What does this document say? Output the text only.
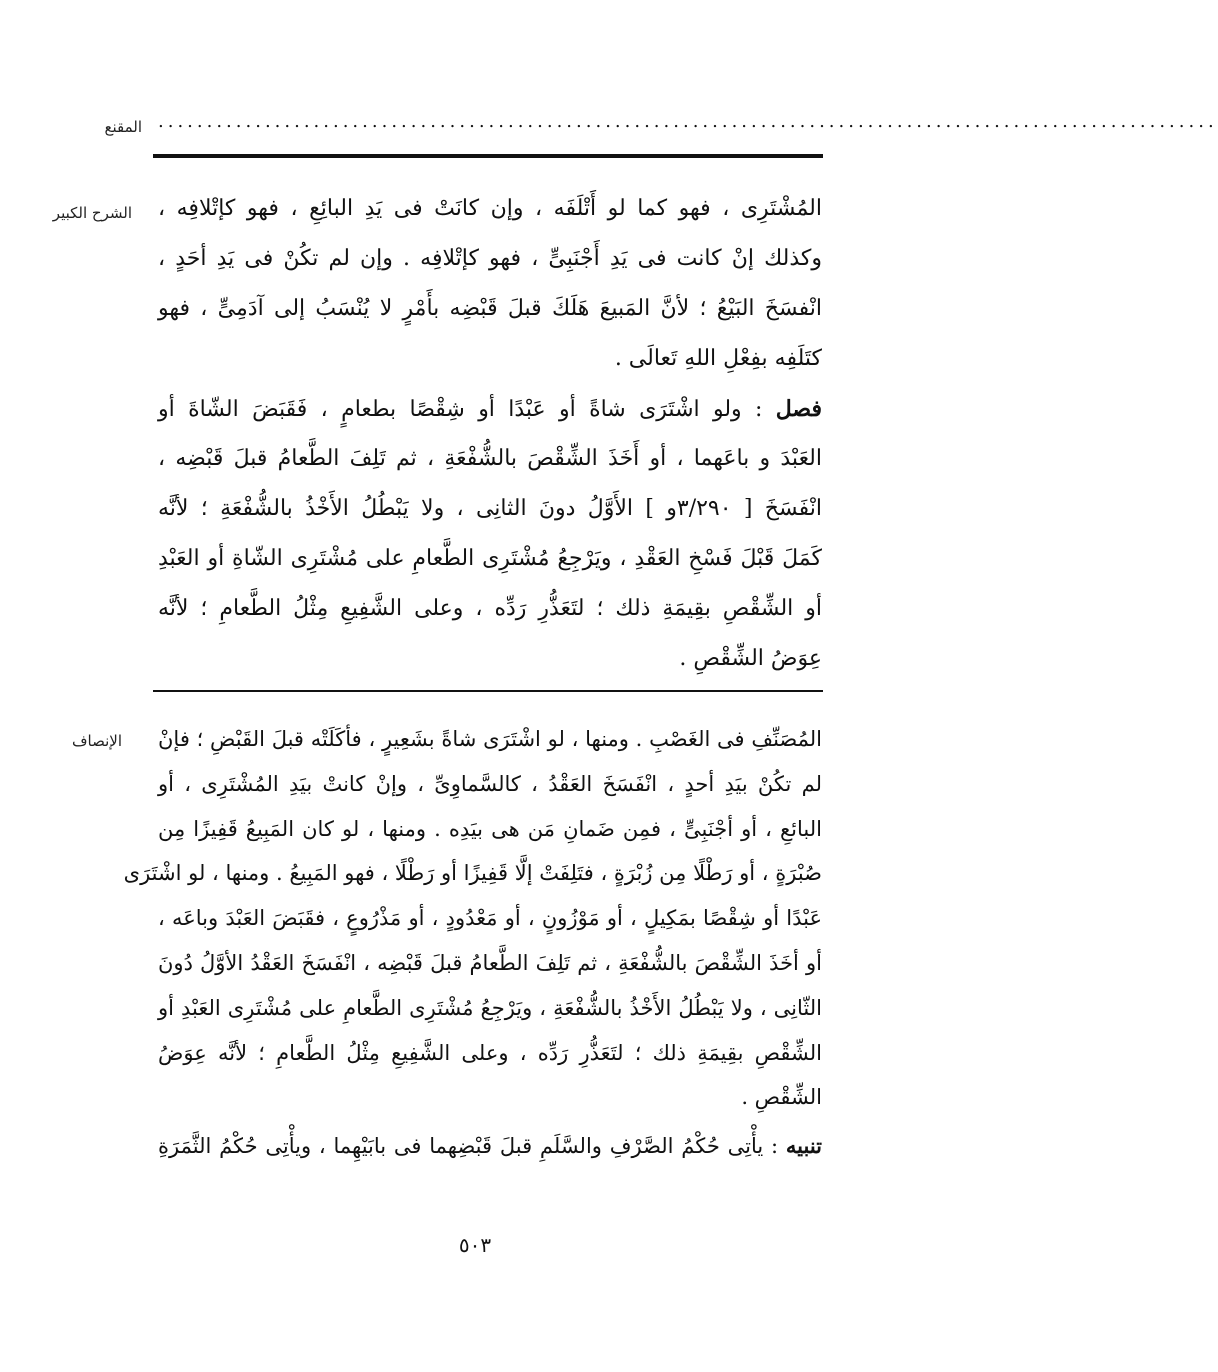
المقنع .............................................................................................................
الشرح الكبير المُشْتَرِى ، فهو كما لو أَتْلَفَه ، وإن كانَتْ فى يَدِ البائِعِ ، فهو كإتْلافِه ،
وكذلك إنْ كانت فى يَدِ أَجْنَبِىٍّ ، فهو كإتْلافِه . وإن لم تكُنْ فى يَدِ أحَدٍ ،
انْفسَخَ البَيْعُ ؛ لأنَّ المَبيعَ هَلَكَ قبلَ قَبْضِه بأَمْرٍ لا يُنْسَبُ إلى آدَمِىٍّ ، فهو
كتَلَفِه بفِعْلِ اللهِ تَعالَى .
فصل : ولو اشْتَرَى شاةً أو عَبْدًا أو شِقْصًا بطعامٍ ، فَقَبَضَ الشّاةَ أو
العَبْدَ و باعَهما ، أو أَخَذَ الشِّقْصَ بالشُّفْعَةِ ، ثم تَلِفَ الطَّعامُ قبلَ قَبْضِه ،
انْفَسَخَ [ ٣/٢٩٠و ] الأَوَّلُ دونَ الثانِى ، ولا يَبْطُلُ الأَخْذُ بالشُّفْعَةِ ؛ لأنَّه
كَمَلَ قَبْلَ فَسْخِ العَقْدِ ، ويَرْجِعُ مُشْتَرِى الطَّعامِ على مُشْتَرِى الشّاةِ أو العَبْدِ
أو الشِّقْصِ بقِيمَةِ ذلك ؛ لتَعَذُّرِ رَدِّه ، وعلى الشَّفِيعِ مِثْلُ الطَّعامِ ؛ لأنَّه
عِوَضُ الشِّقْصِ .
الإنصاف المُصَنِّفِ فى الغَصْبِ . ومنها ، لو اشْتَرَى شاةً بشَعِيرٍ ، فأكَلَتْه قبلَ القَبْضِ ؛ فإنْ
لم تكُنْ بيَدِ أحدٍ ، انْفَسَخَ العَقْدُ ، كالسَّماوِىِّ ، وإنْ كانتْ بيَدِ المُشْتَرِى ، أو
البائعِ ، أو أجْنَبِىٍّ ، فمِن ضَمانِ مَن هى بيَدِه . ومنها ، لو كان المَبِيعُ قَفِيزًا مِن
صُبْرَةٍ ، أو رَطْلًا مِن زُبْرَةٍ ، فتَلِفَتْ إلَّا قَفِيزًا أو رَطْلًا ، فهو المَبِيعُ . ومنها ، لو اشْتَرَى
عَبْدًا أو شِقْصًا بمَكِيلٍ ، أو مَوْزُونٍ ، أو مَعْدُودٍ ، أو مَذْرُوعٍ ، فقَبَضَ العَبْدَ وباعَه ،
أو أخَذَ الشِّقْصَ بالشُّفْعَةِ ، ثم تَلِفَ الطَّعامُ قبلَ قَبْضِه ، انْفَسَخَ العَقْدُ الأوَّلُ دُونَ
الثّانِى ، ولا يَبْطُلُ الأَخْذُ بالشُّفْعَةِ ، ويَرْجِعُ مُشْتَرِى الطَّعامِ على مُشْتَرِى العَبْدِ أو
الشِّقْصِ بقِيمَةِ ذلك ؛ لتَعَذُّرِ رَدِّه ، وعلى الشَّفِيعِ مِثْلُ الطَّعامِ ؛ لأنَّه عِوَضُ
الشِّقْصِ .
تنبيه : يأْتِى حُكْمُ الصَّرْفِ والسَّلَمِ قبلَ قَبْضِهما فى بابَيْهِما ، ويأْتِى حُكْمُ الثَّمَرَةِ
٥٠٣
